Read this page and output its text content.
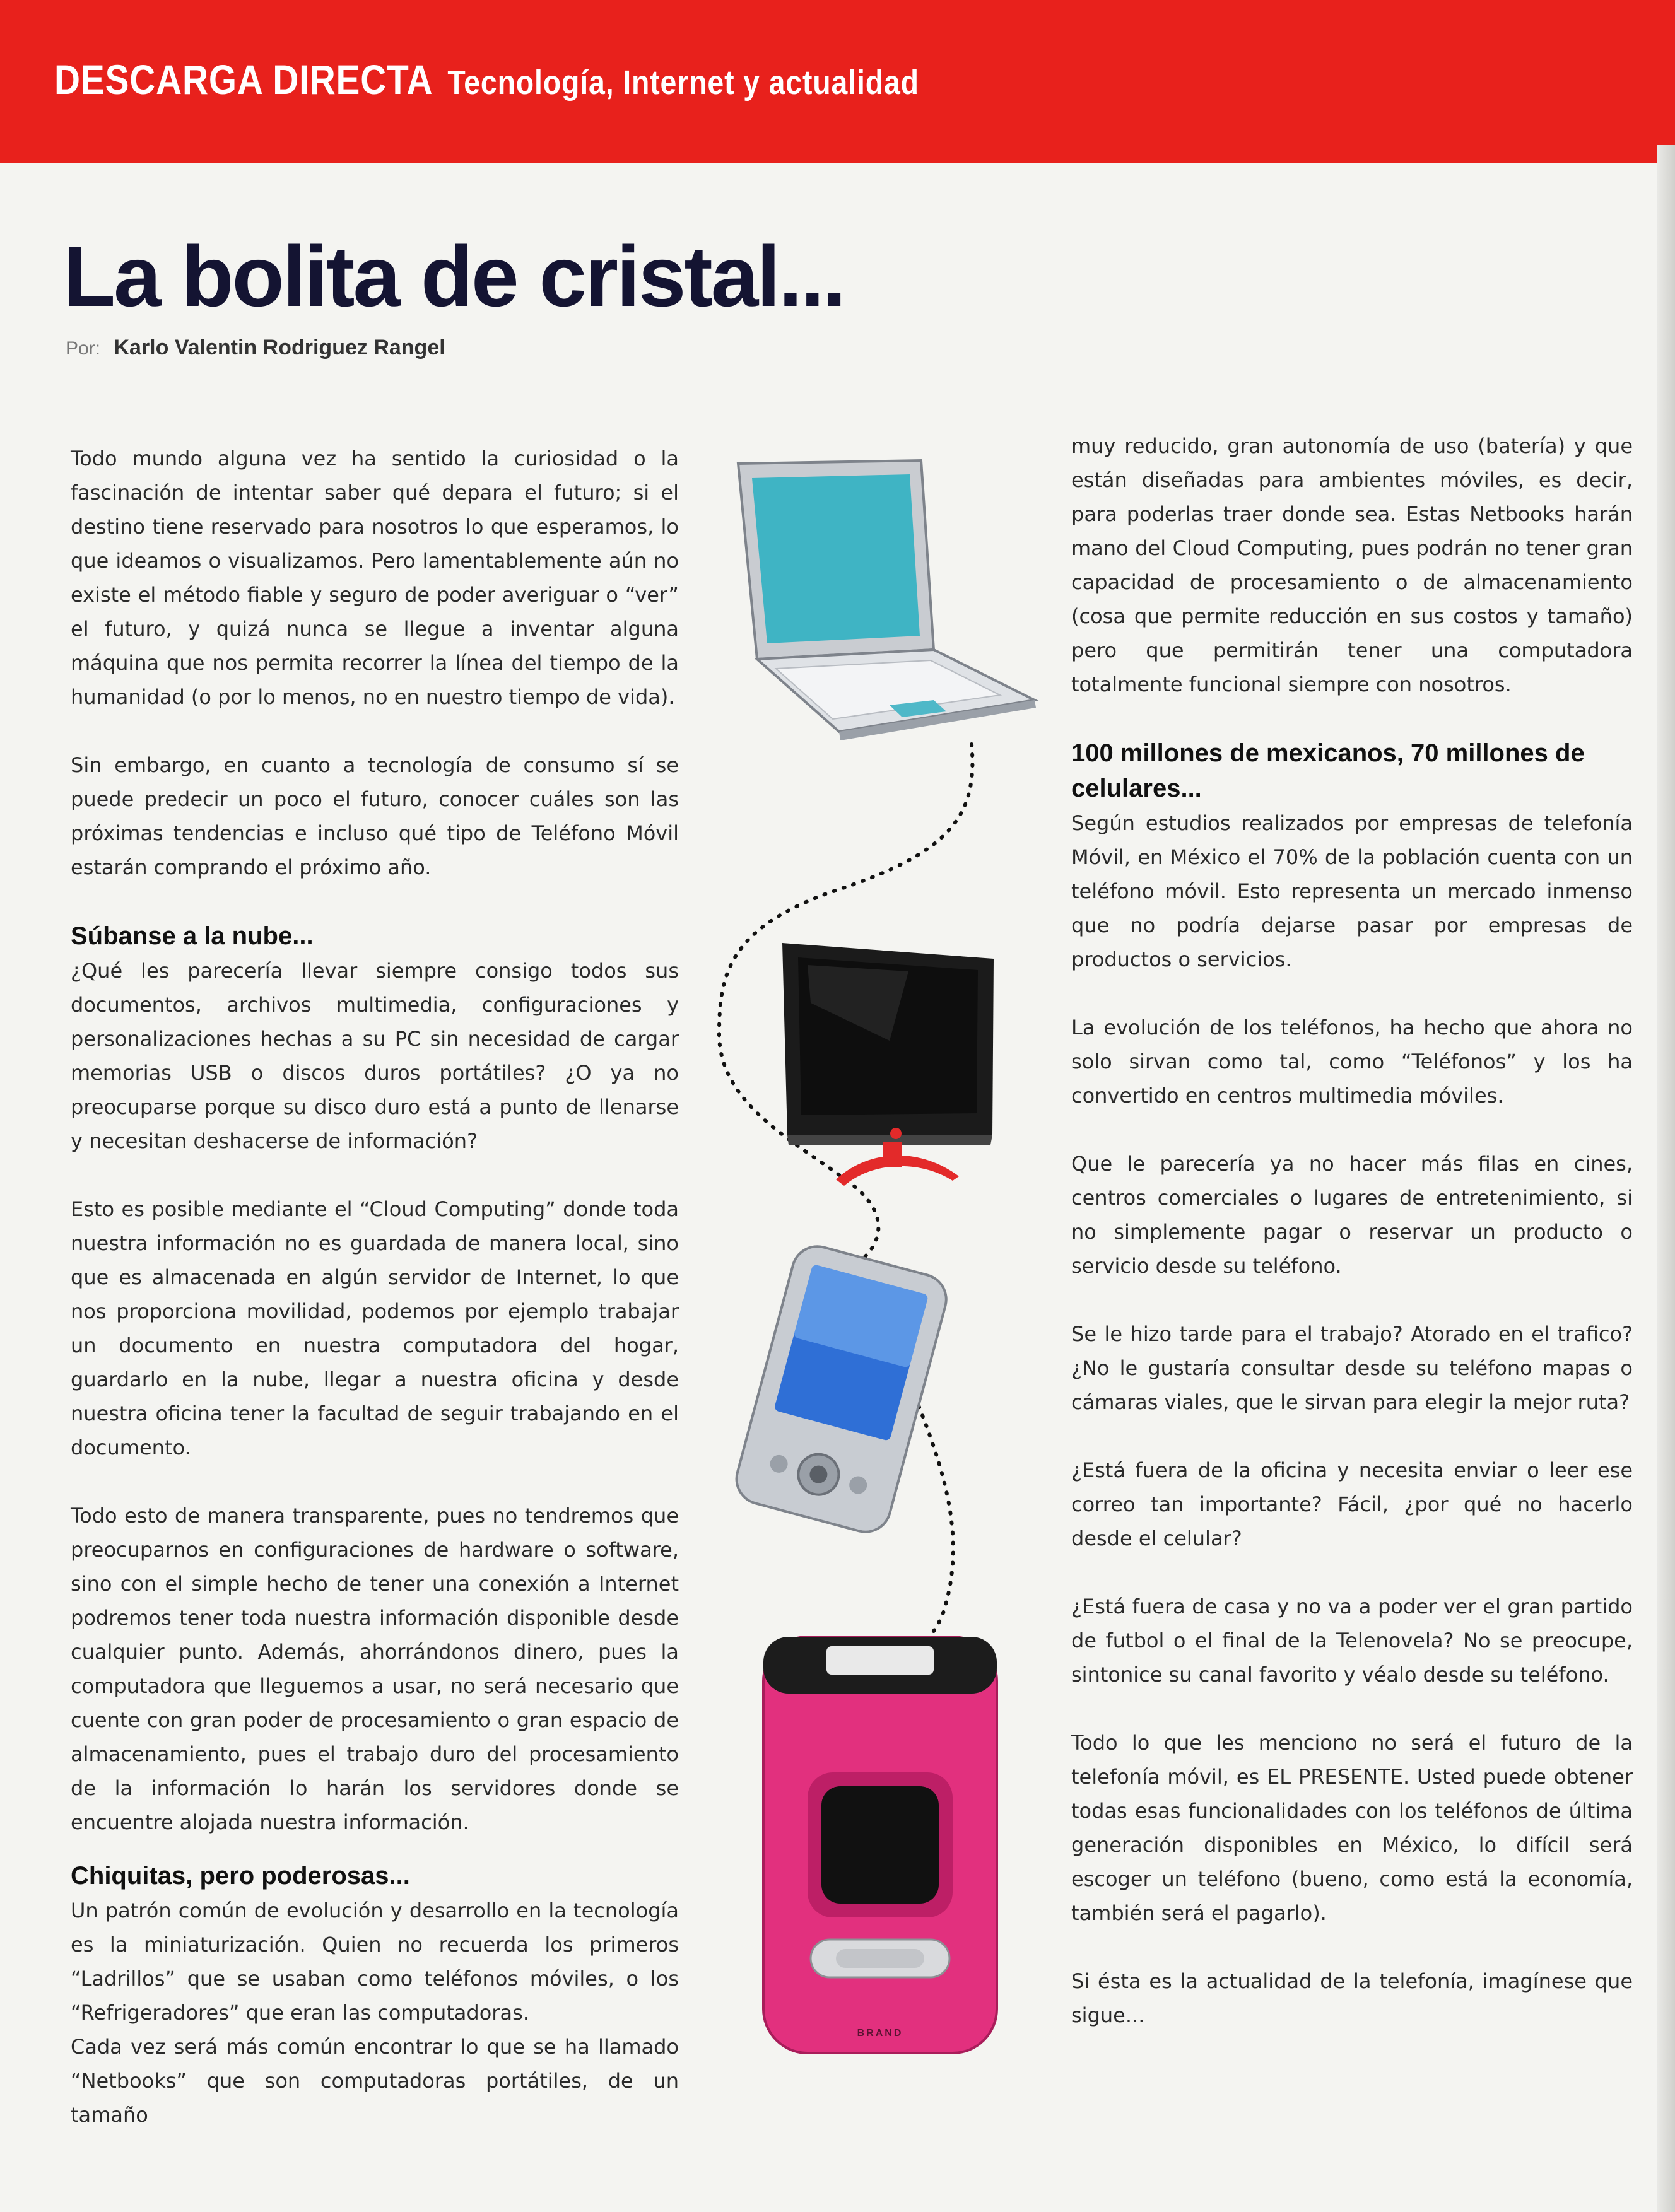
DESCARGA DIRECTA Tecnología, Internet y actualidad
La bolita de cristal...
Por: Karlo Valentin Rodriguez Rangel

Todo mundo alguna vez ha sentido la curiosidad o la fascinación de intentar saber qué depara el futuro; si el destino tiene reservado para nosotros lo que esperamos, lo que ideamos o visualizamos. Pero lamentablemente aún no existe el método fiable y seguro de poder averiguar o “ver” el futuro, y quizá nunca se llegue a inventar alguna máquina que nos permita recorrer la línea del tiempo de la humanidad (o por lo menos, no en nuestro tiempo de vida).

Sin embargo, en cuanto a tecnología de consumo sí se puede predecir un poco el futuro, conocer cuáles son las próximas tendencias e incluso qué tipo de Teléfono Móvil estarán comprando el próximo año.

Súbanse a la nube...

¿Qué les parecería llevar siempre consigo todos sus documentos, archivos multimedia, configuraciones y personalizaciones hechas a su PC sin necesidad de cargar memorias USB o discos duros portátiles? ¿O ya no preocuparse porque su disco duro está a punto de llenarse y necesitan deshacerse de información?

Esto es posible mediante el “Cloud Computing” donde toda nuestra información no es guardada de manera local, sino que es almacenada en algún servidor de Internet, lo que nos proporciona movilidad, podemos por ejemplo trabajar un documento en nuestra computadora del hogar, guardarlo en la nube, llegar a nuestra oficina y desde nuestra oficina tener la facultad de seguir trabajando en el documento.

Todo esto de manera transparente, pues no tendremos que preocuparnos en configuraciones de hardware o software, sino con el simple hecho de tener una conexión a Internet podremos tener toda nuestra información disponible desde cualquier punto. Además, ahorrándonos dinero, pues la computadora que lleguemos a usar, no será necesario que cuente con gran poder de procesamiento o gran espacio de almacenamiento, pues el trabajo duro del procesamiento de la información lo harán los servidores donde se encuentre alojada nuestra información.

Chiquitas, pero poderosas...

Un patrón común de evolución y desarrollo en la tecnología es la miniaturización. Quien no recuerda los primeros “Ladrillos” que se usaban como teléfonos móviles, o los “Refrigeradores” que eran las computadoras.

Cada vez será más común encontrar lo que se ha llamado “Netbooks” que son computadoras portátiles, de un tamaño

muy reducido, gran autonomía de uso (batería) y que están diseñadas para ambientes móviles, es decir, para poderlas traer donde sea. Estas Netbooks harán mano del Cloud Computing, pues podrán no tener gran capacidad de procesamiento o de almacenamiento (cosa que permite reducción en sus costos y tamaño) pero que permitirán tener una computadora totalmente funcional siempre con nosotros.

100 millones de mexicanos, 70 millones de celulares...

Según estudios realizados por empresas de telefonía Móvil, en México el 70% de la población cuenta con un teléfono móvil. Esto representa un mercado inmenso que no podría dejarse pasar por empresas de productos o servicios.

La evolución de los teléfonos, ha hecho que ahora no solo sirvan como tal, como “Teléfonos” y los ha convertido en centros multimedia móviles.

Que le parecería ya no hacer más filas en cines, centros comerciales o lugares de entretenimiento, si no simplemente pagar o reservar un producto o servicio desde su teléfono.

Se le hizo tarde para el trabajo? Atorado en el trafico? ¿No le gustaría consultar desde su teléfono mapas o cámaras viales, que le sirvan para elegir la mejor ruta?

¿Está fuera de la oficina y necesita enviar o leer ese correo tan importante? Fácil, ¿por qué no hacerlo desde el celular?

¿Está fuera de casa y no va a poder ver el gran partido de futbol o el final de la Telenovela? No se preocupe, sintonice su canal favorito y véalo desde su teléfono.

Todo lo que les menciono no será el futuro de la telefonía móvil, es EL PRESENTE. Usted puede obtener todas esas funcionalidades con los teléfonos de última generación disponibles en México, lo difícil será escoger un teléfono (bueno, como está la economía, también será el pagarlo).

Si ésta es la actualidad de la telefonía, imagínese que sigue...

BRAND
